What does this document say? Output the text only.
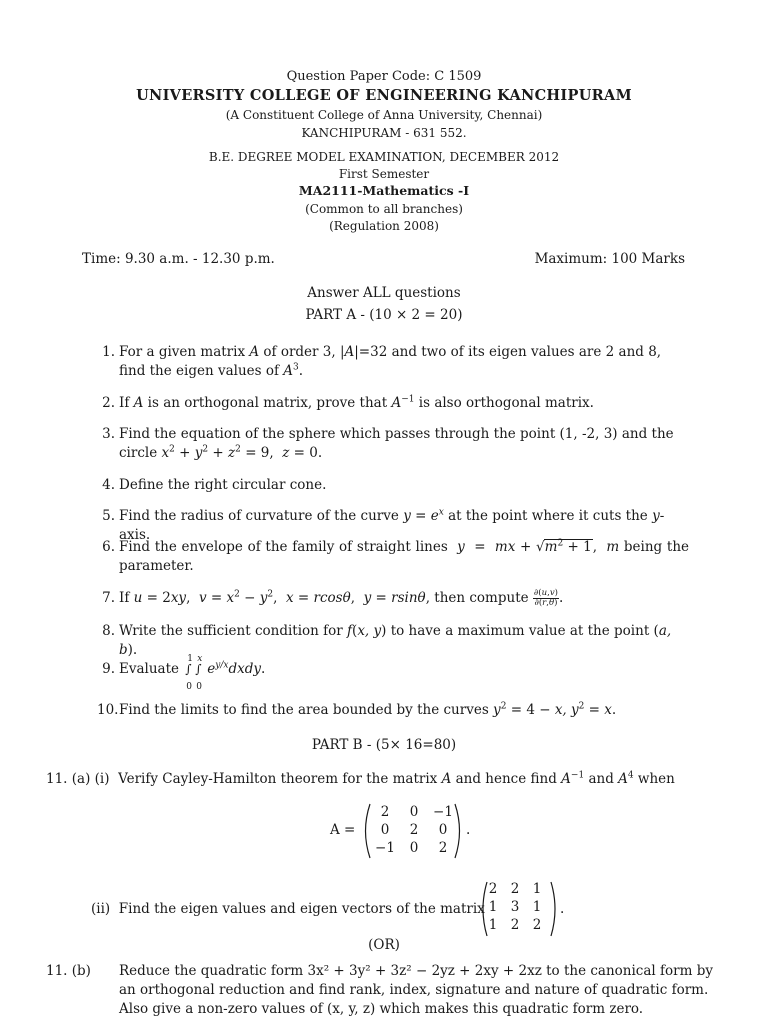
Question Paper Code: C 1509
UNIVERSITY COLLEGE OF ENGINEERING KANCHIPURAM
(A Constituent College of Anna University, Chennai)
KANCHIPURAM - 631 552.
B.E. DEGREE MODEL EXAMINATION, DECEMBER 2012
First Semester
MA2111-Mathematics -I
(Common to all branches)
(Regulation 2008)
Time: 9.30 a.m. - 12.30 p.m.	Maximum: 100 Marks
Answer ALL questions
PART A - (10 × 2 = 20)
1. For a given matrix A of order 3, |A|=32 and two of its eigen values are 2 and 8, find the eigen values of $A^3$.
2. If A is an orthogonal matrix, prove that $A^{-1}$ is also orthogonal matrix.
3. Find the equation of the sphere which passes through the point (1, -2, 3) and the circle $x^2 + y^2 + z^2 = 9$,  z = 0.
4. Define the right circular cone.
5. Find the radius of curvature of the curve $y = e^x$ at the point where it cuts the y-axis.
6. Find the envelope of the family of straight lines  y  =  mx + $√m^2 + 1$,  m being the parameter.
7. If u = 2xy,  $v = x^2 - y^2$,  x = rcosθ,  y = rsinθ, then compute $\frac{\partial(u,v)}{\partial(r,\theta)}$ .
8. Write the sufficient condition for f(x, y) to have a maximum value at the point (a, b).
9. Evaluate
1 x
∫ ∫
0 0
$e^{y/x}dxdy$.
10. Find the limits to find the area bounded by the curves $y^2 = 4 - x$, $y^2 = x$.
PART B - (5× 16=80)
11. (a) (i) Verify Cayley-Hamilton theorem for the matrix A and hence find $A^{-1}$ and $A^4$ when
A =
2	0	−1
0	2	0
−1	0	2
.
(ii) Find the eigen values and eigen vectors of the matrix
2 2 1
1 3 1
1 2 2
.
(OR)
11. (b) Reduce the quadratic form 3x² + 3y² + 3z² − 2yz + 2xy + 2xz to the canonical form by
an orthogonal reduction and find rank, index, signature and nature of quadratic form.
Also give a non-zero values of (x, y, z) which makes this quadratic form zero.
